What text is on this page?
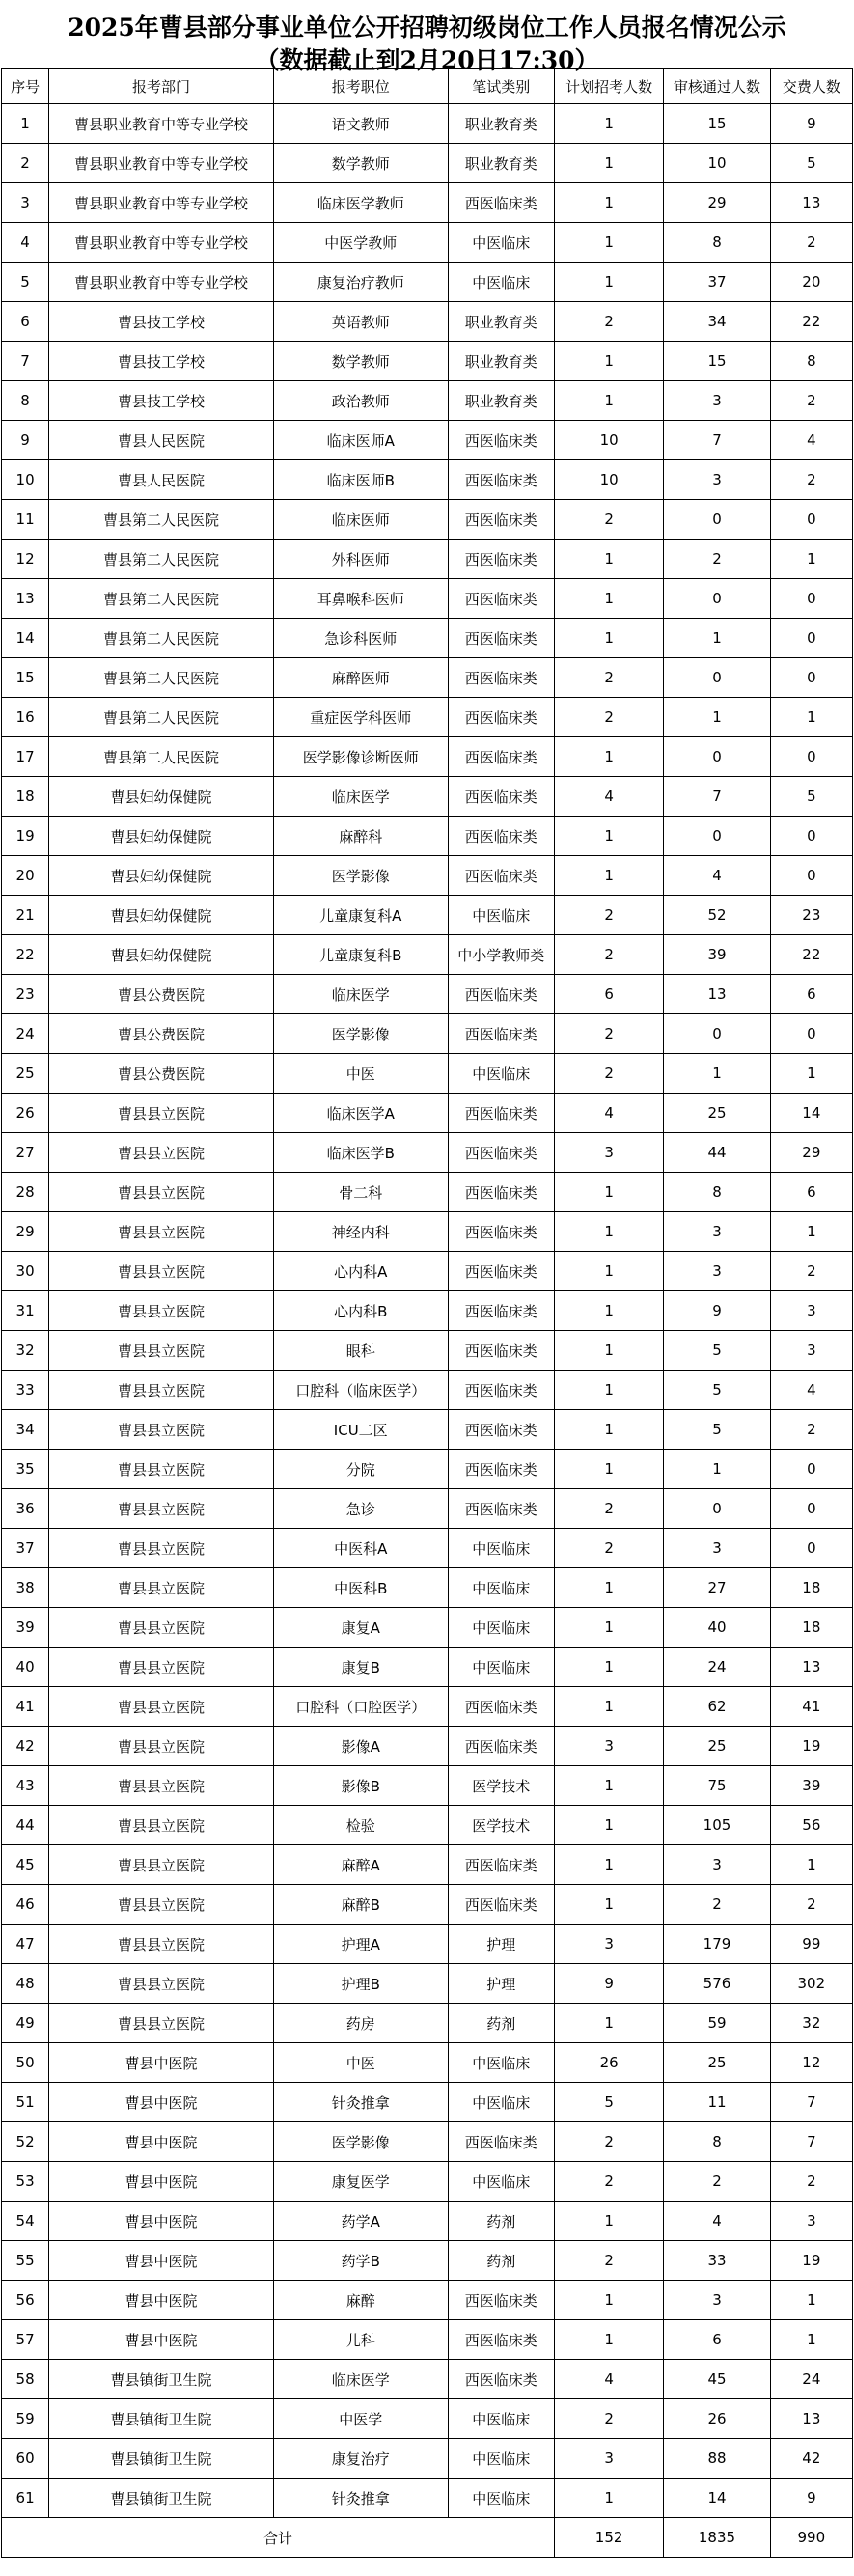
2025年曹县部分事业单位公开招聘初级岗位工作人员报名情况公示
（数据截止到2月20日17:30）
序号	报考部门	报考职位	笔试类别	计划招考人数	审核通过人数	交费人数
1	曹县职业教育中等专业学校	语文教师	职业教育类	1	15	9
2	曹县职业教育中等专业学校	数学教师	职业教育类	1	10	5
3	曹县职业教育中等专业学校	临床医学教师	西医临床类	1	29	13
4	曹县职业教育中等专业学校	中医学教师	中医临床	1	8	2
5	曹县职业教育中等专业学校	康复治疗教师	中医临床	1	37	20
6	曹县技工学校	英语教师	职业教育类	2	34	22
7	曹县技工学校	数学教师	职业教育类	1	15	8
8	曹县技工学校	政治教师	职业教育类	1	3	2
9	曹县人民医院	临床医师A	西医临床类	10	7	4
10	曹县人民医院	临床医师B	西医临床类	10	3	2
11	曹县第二人民医院	临床医师	西医临床类	2	0	0
12	曹县第二人民医院	外科医师	西医临床类	1	2	1
13	曹县第二人民医院	耳鼻喉科医师	西医临床类	1	0	0
14	曹县第二人民医院	急诊科医师	西医临床类	1	1	0
15	曹县第二人民医院	麻醉医师	西医临床类	2	0	0
16	曹县第二人民医院	重症医学科医师	西医临床类	2	1	1
17	曹县第二人民医院	医学影像诊断医师	西医临床类	1	0	0
18	曹县妇幼保健院	临床医学	西医临床类	4	7	5
19	曹县妇幼保健院	麻醉科	西医临床类	1	0	0
20	曹县妇幼保健院	医学影像	西医临床类	1	4	0
21	曹县妇幼保健院	儿童康复科A	中医临床	2	52	23
22	曹县妇幼保健院	儿童康复科B	中小学教师类	2	39	22
23	曹县公费医院	临床医学	西医临床类	6	13	6
24	曹县公费医院	医学影像	西医临床类	2	0	0
25	曹县公费医院	中医	中医临床	2	1	1
26	曹县县立医院	临床医学A	西医临床类	4	25	14
27	曹县县立医院	临床医学B	西医临床类	3	44	29
28	曹县县立医院	骨二科	西医临床类	1	8	6
29	曹县县立医院	神经内科	西医临床类	1	3	1
30	曹县县立医院	心内科A	西医临床类	1	3	2
31	曹县县立医院	心内科B	西医临床类	1	9	3
32	曹县县立医院	眼科	西医临床类	1	5	3
33	曹县县立医院	口腔科（临床医学）	西医临床类	1	5	4
34	曹县县立医院	ICU二区	西医临床类	1	5	2
35	曹县县立医院	分院	西医临床类	1	1	0
36	曹县县立医院	急诊	西医临床类	2	0	0
37	曹县县立医院	中医科A	中医临床	2	3	0
38	曹县县立医院	中医科B	中医临床	1	27	18
39	曹县县立医院	康复A	中医临床	1	40	18
40	曹县县立医院	康复B	中医临床	1	24	13
41	曹县县立医院	口腔科（口腔医学）	西医临床类	1	62	41
42	曹县县立医院	影像A	西医临床类	3	25	19
43	曹县县立医院	影像B	医学技术	1	75	39
44	曹县县立医院	检验	医学技术	1	105	56
45	曹县县立医院	麻醉A	西医临床类	1	3	1
46	曹县县立医院	麻醉B	西医临床类	1	2	2
47	曹县县立医院	护理A	护理	3	179	99
48	曹县县立医院	护理B	护理	9	576	302
49	曹县县立医院	药房	药剂	1	59	32
50	曹县中医院	中医	中医临床	26	25	12
51	曹县中医院	针灸推拿	中医临床	5	11	7
52	曹县中医院	医学影像	西医临床类	2	8	7
53	曹县中医院	康复医学	中医临床	2	2	2
54	曹县中医院	药学A	药剂	1	4	3
55	曹县中医院	药学B	药剂	2	33	19
56	曹县中医院	麻醉	西医临床类	1	3	1
57	曹县中医院	儿科	西医临床类	1	6	1
58	曹县镇街卫生院	临床医学	西医临床类	4	45	24
59	曹县镇街卫生院	中医学	中医临床	2	26	13
60	曹县镇街卫生院	康复治疗	中医临床	3	88	42
61	曹县镇街卫生院	针灸推拿	中医临床	1	14	9
合计				152	1835	990
